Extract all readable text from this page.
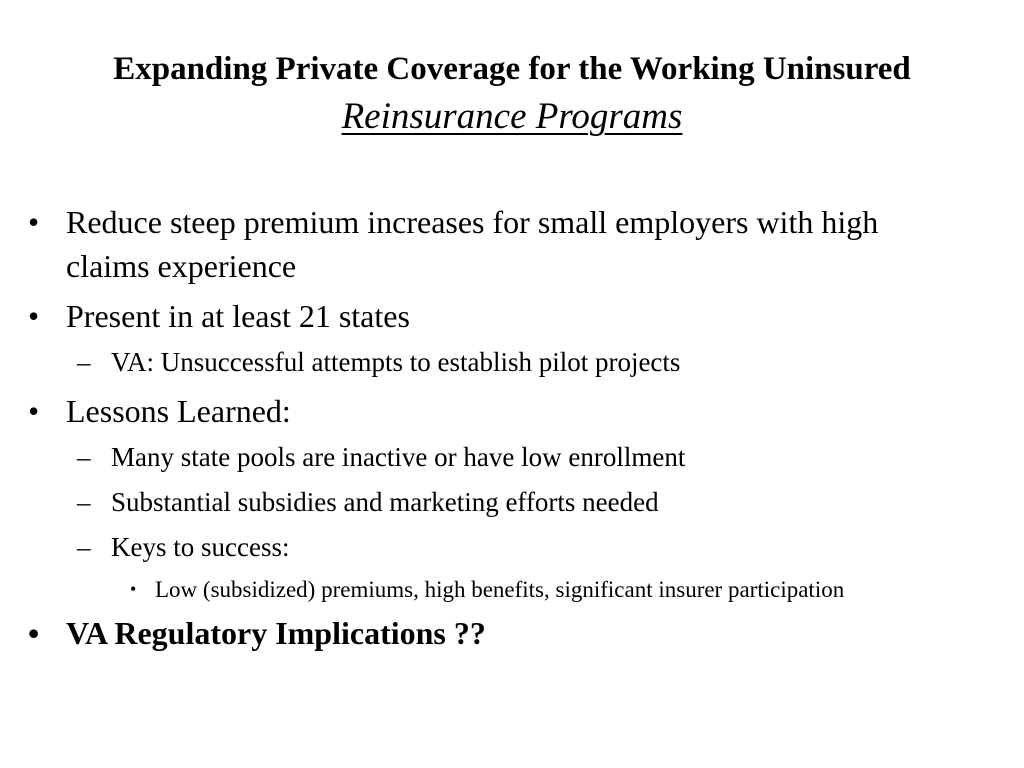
Expanding Private Coverage for the Working Uninsured

Reinsurance Programs

• Reduce steep premium increases for small employers with high claims experience
• Present in at least 21 states
– VA: Unsuccessful attempts to establish pilot projects
• Lessons Learned:
– Many state pools are inactive or have low enrollment
– Substantial subsidies and marketing efforts needed
– Keys to success:
• Low (subsidized) premiums, high benefits, significant insurer participation
• VA Regulatory Implications ??
